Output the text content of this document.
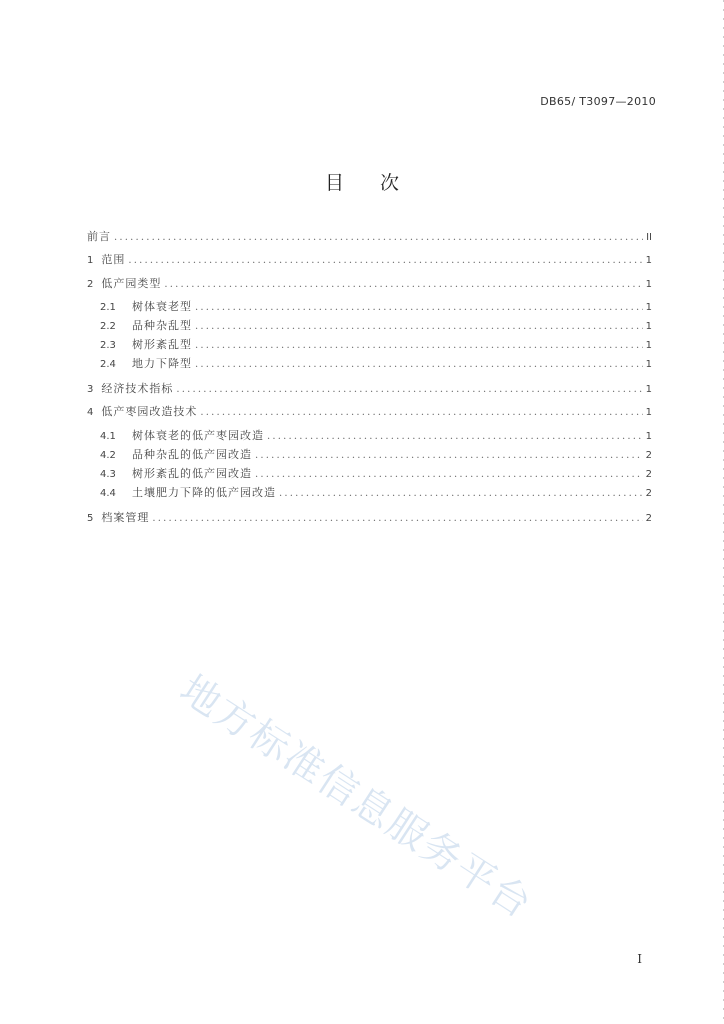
DB65/ T3097—2010
目次
前言 .....	II
1 范围 .....	1
2 低产园类型 .....	1
2.1	树体衰老型 .....	1
2.2	品种杂乱型 .....	1
2.3	树形紊乱型 .....	1
2.4	地力下降型 .....	1
3 经济技术指标 .....	1
4 低产枣园改造技术 .....	1
4.1	树体衰老的低产枣园改造 .....	1
4.2	品种杂乱的低产园改造 .....	2
4.3	树形紊乱的低产园改造 .....	2
4.4	土壤肥力下降的低产园改造 .....	2
5 档案管理 .....	2
地方标准信息服务平台
I
